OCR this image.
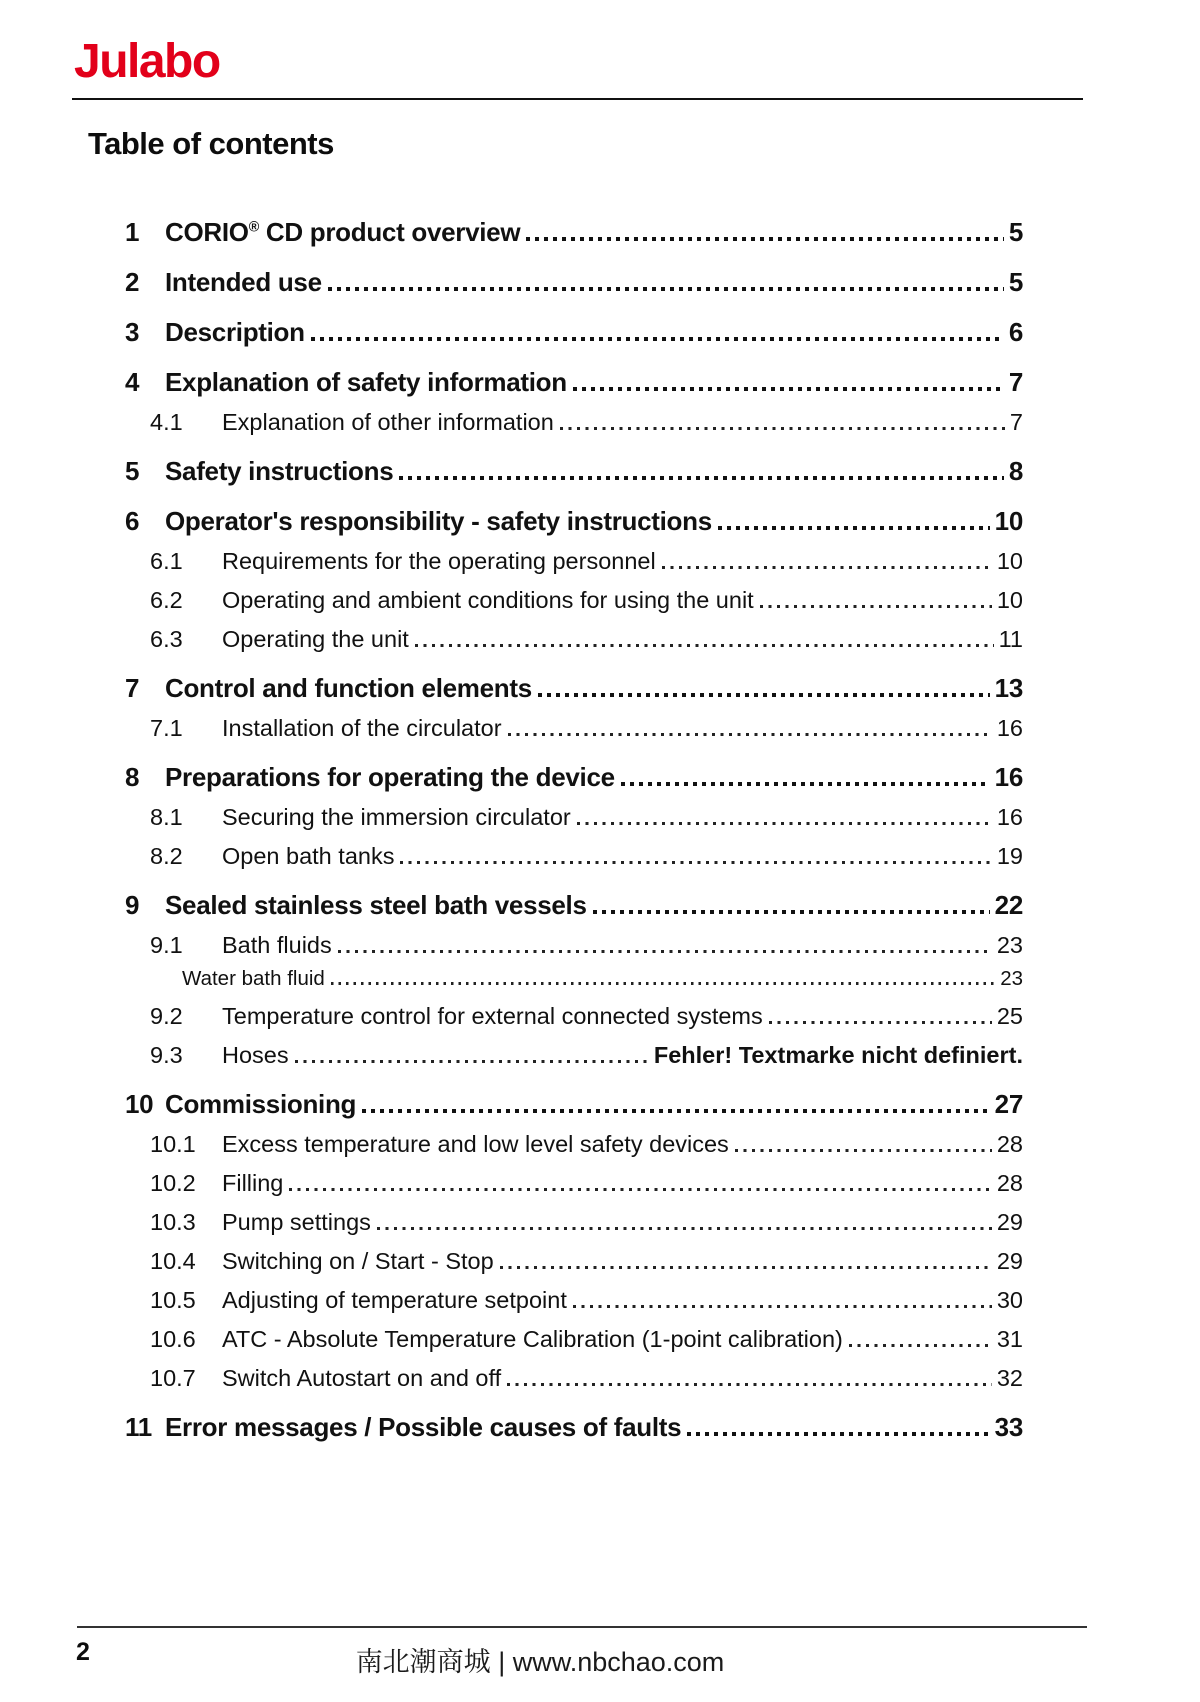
Julabo
Table of contents
1 CORIO® CD product overview	5
2 Intended use	5
3 Description	6
4 Explanation of safety information	7
4.1	Explanation of other information	7
5 Safety instructions	8
6 Operator's responsibility - safety instructions	10
6.1	Requirements for the operating personnel	10
6.2	Operating and ambient conditions for using the unit	10
6.3	Operating the unit	11
7 Control and function elements	13
7.1	Installation of the circulator	16
8 Preparations for operating the device	16
8.1	Securing the immersion circulator	16
8.2	Open bath tanks	19
9 Sealed stainless steel bath vessels	22
9.1	Bath fluids	23
Water bath fluid	23
9.2	Temperature control for external connected systems	25
9.3	Hoses	Fehler! Textmarke nicht definiert.
10 Commissioning	27
10.1	Excess temperature and low level safety devices	28
10.2	Filling	28
10.3	Pump settings	29
10.4	Switching on / Start - Stop	29
10.5	Adjusting of temperature setpoint	30
10.6	ATC - Absolute Temperature Calibration (1-point calibration)	31
10.7	Switch Autostart on and off	32
11 Error messages / Possible causes of faults	33
2	南北潮商城 | www.nbchao.com
